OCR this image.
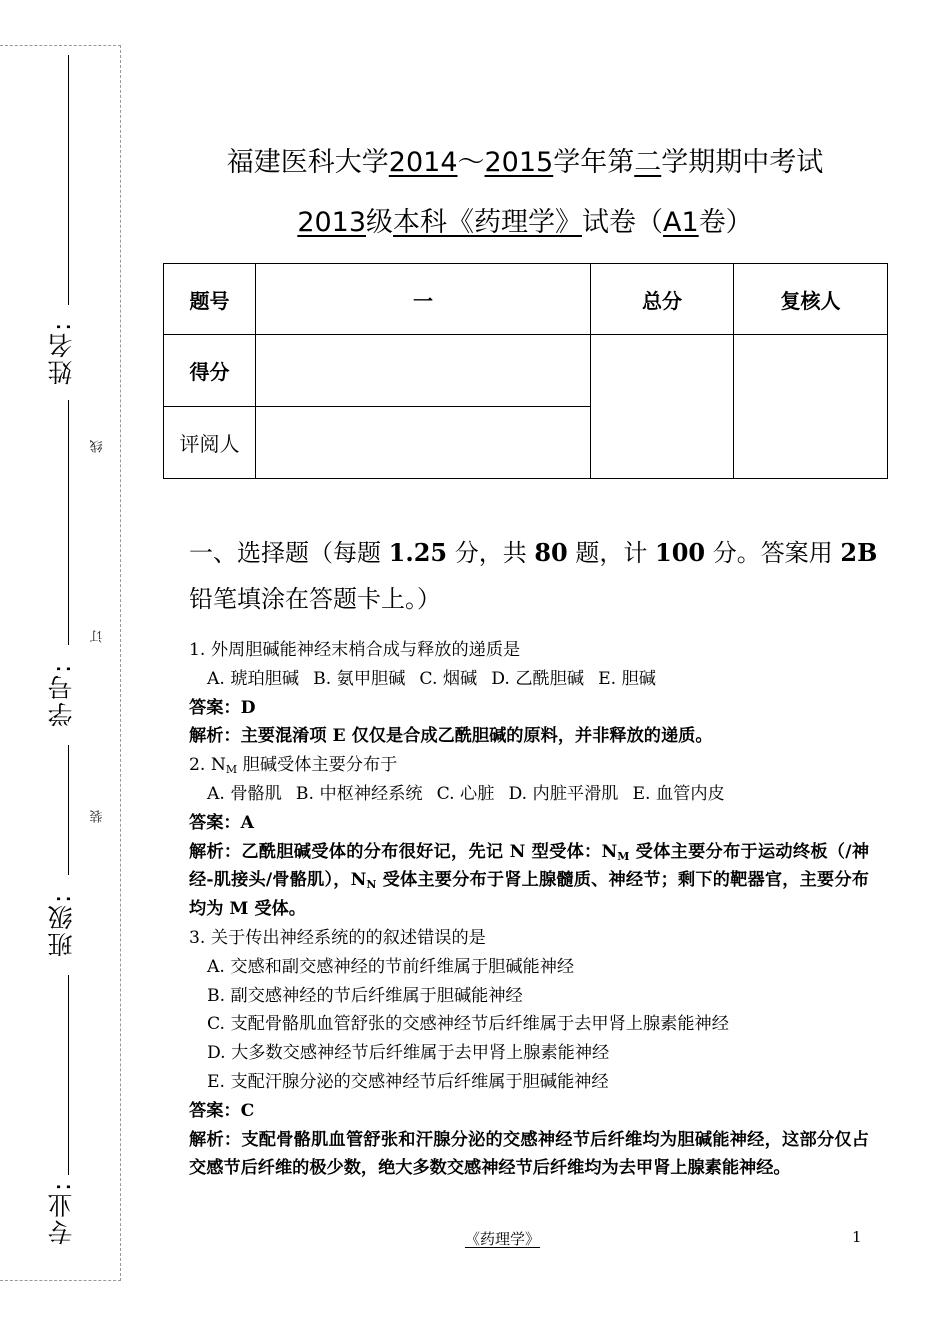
姓名:
学号:
班级:
专业:
线
订
装
福建医科大学2014～2015学年第二学期期中考试
2013级本科《药理学》试卷（A1卷）
题号	一	总分	复核人
得分			
评阅人			
一、选择题（每题 1.25 分，共 80 题，计 100 分。答案用 2B
铅笔填涂在答题卡上。）
1. 外周胆碱能神经末梢合成与释放的递质是
A. 琥珀胆碱 B. 氨甲胆碱 C. 烟碱 D. 乙酰胆碱 E. 胆碱
答案：D
解析：主要混淆项 E 仅仅是合成乙酰胆碱的原料，并非释放的递质。
2. $N_M$ 胆碱受体主要分布于
A. 骨骼肌 B. 中枢神经系统 C. 心脏 D. 内脏平滑肌 E. 血管内皮
答案：A
解析：乙酰胆碱受体的分布很好记，先记 N 型受体：$N_M$ 受体主要分布于运动终板（/神经-肌接头/骨骼肌），$N_N$ 受体主要分布于肾上腺髓质、神经节；剩下的靶器官，主要分布均为 M 受体。
3. 关于传出神经系统的的叙述错误的是
A. 交感和副交感神经的节前纤维属于胆碱能神经
B. 副交感神经的节后纤维属于胆碱能神经
C. 支配骨骼肌血管舒张的交感神经节后纤维属于去甲肾上腺素能神经
D. 大多数交感神经节后纤维属于去甲肾上腺素能神经
E. 支配汗腺分泌的交感神经节后纤维属于胆碱能神经
答案：C
解析：支配骨骼肌血管舒张和汗腺分泌的交感神经节后纤维均为胆碱能神经，这部分仅占交感节后纤维的极少数，绝大多数交感神经节后纤维均为去甲肾上腺素能神经。
《药理学》	1
